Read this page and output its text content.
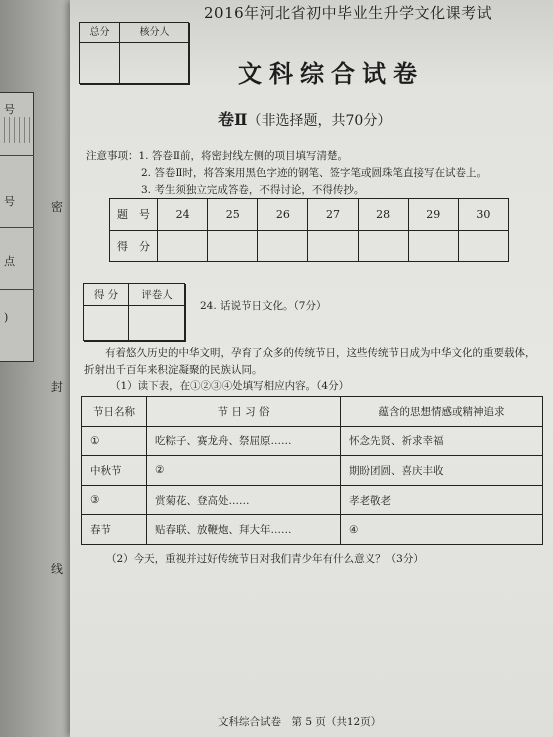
号
号
点
)
密
封
线
总分	核分人
2016年河北省初中毕业生升学文化课考试
文科综合试卷
卷Ⅱ（非选择题，共70分）
注意事项：1. 答卷Ⅱ前，将密封线左侧的项目填写清楚。
2. 答卷Ⅱ时，将答案用黑色字迹的钢笔、签字笔或圆珠笔直接写在试卷上。
3. 考生须独立完成答卷，不得讨论，不得传抄。
题　号	24	25	26	27	28	29	30
得　分							
得 分	评卷人
24. 话说节日文化。（7分）
有着悠久历史的中华文明，孕育了众多的传统节日，这些传统节日成为中华文化的重要载体，折射出千百年来积淀凝聚的民族认同。
（1）读下表，在①②③④处填写相应内容。（4分）
节日名称	节 日 习 俗	蕴含的思想情感或精神追求
①	吃粽子、赛龙舟、祭屈原……	怀念先贤、祈求幸福
中秋节	②	期盼团圆、喜庆丰收
③	赏菊花、登高处……	孝老敬老
春节	贴春联、放鞭炮、拜大年……	④
（2）今天，重视并过好传统节日对我们青少年有什么意义？（3分）
文科综合试卷　第 5 页（共12页）
